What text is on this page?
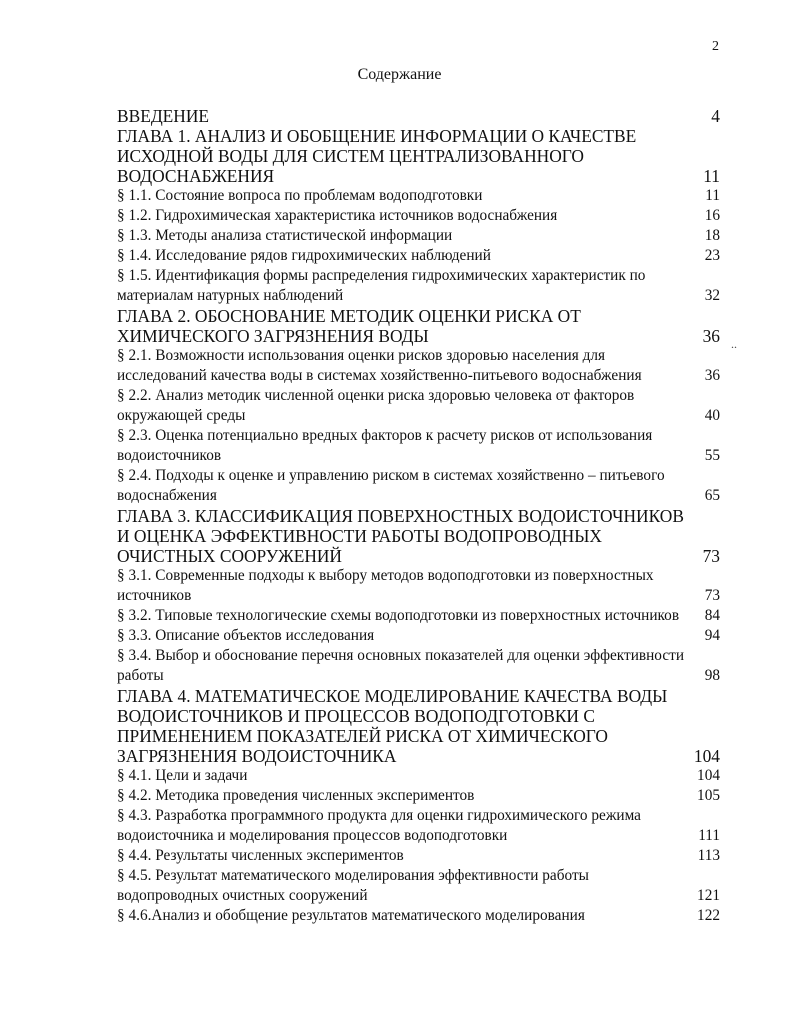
2
Содержание
..
ВВЕДЕНИЕ	4
ГЛАВА 1. АНАЛИЗ И ОБОБЩЕНИЕ ИНФОРМАЦИИ О КАЧЕСТВЕ ИСХОДНОЙ ВОДЫ ДЛЯ СИСТЕМ ЦЕНТРАЛИЗОВАННОГО ВОДОСНАБЖЕНИЯ	11
§ 1.1. Состояние вопроса по проблемам водоподготовки	11
§ 1.2. Гидрохимическая характеристика источников водоснабжения	16
§ 1.3. Методы анализа статистической информации	18
§ 1.4. Исследование рядов гидрохимических наблюдений	23
§ 1.5. Идентификация формы распределения гидрохимических характеристик по материалам натурных наблюдений	32
ГЛАВА 2. ОБОСНОВАНИЕ МЕТОДИК ОЦЕНКИ РИСКА ОТ ХИМИЧЕСКОГО ЗАГРЯЗНЕНИЯ ВОДЫ	36
§ 2.1. Возможности использования оценки рисков здоровью населения для исследований качества воды в системах хозяйственно-питьевого водоснабжения	36
§ 2.2. Анализ методик численной оценки риска здоровью человека от факторов окружающей среды	40
§ 2.3. Оценка потенциально вредных факторов к расчету рисков от использования водоисточников	55
§ 2.4. Подходы к оценке и управлению риском в системах хозяйственно – питьевого водоснабжения	65
ГЛАВА 3. КЛАССИФИКАЦИЯ ПОВЕРХНОСТНЫХ ВОДОИСТОЧНИКОВ И ОЦЕНКА ЭФФЕКТИВНОСТИ РАБОТЫ ВОДОПРОВОДНЫХ ОЧИСТНЫХ СООРУЖЕНИЙ	73
§ 3.1. Современные подходы к выбору методов водоподготовки из поверхностных источников	73
§ 3.2. Типовые технологические схемы водоподготовки из поверхностных источников	84
§ 3.3. Описание объектов исследования	94
§ 3.4. Выбор и обоснование перечня основных показателей для оценки эффективности работы	98
ГЛАВА 4. МАТЕМАТИЧЕСКОЕ МОДЕЛИРОВАНИЕ КАЧЕСТВА ВОДЫ ВОДОИСТОЧНИКОВ И ПРОЦЕССОВ ВОДОПОДГОТОВКИ С ПРИМЕНЕНИЕМ ПОКАЗАТЕЛЕЙ РИСКА ОТ ХИМИЧЕСКОГО ЗАГРЯЗНЕНИЯ ВОДОИСТОЧНИКА	104
§ 4.1. Цели и задачи	104
§ 4.2. Методика проведения численных экспериментов	105
§ 4.3. Разработка программного продукта для оценки гидрохимического режима водоисточника и моделирования процессов водоподготовки	111
§ 4.4. Результаты численных экспериментов	113
§ 4.5. Результат математического моделирования эффективности работы водопроводных очистных сооружений	121
§ 4.6.Анализ и обобщение результатов математического моделирования	122
